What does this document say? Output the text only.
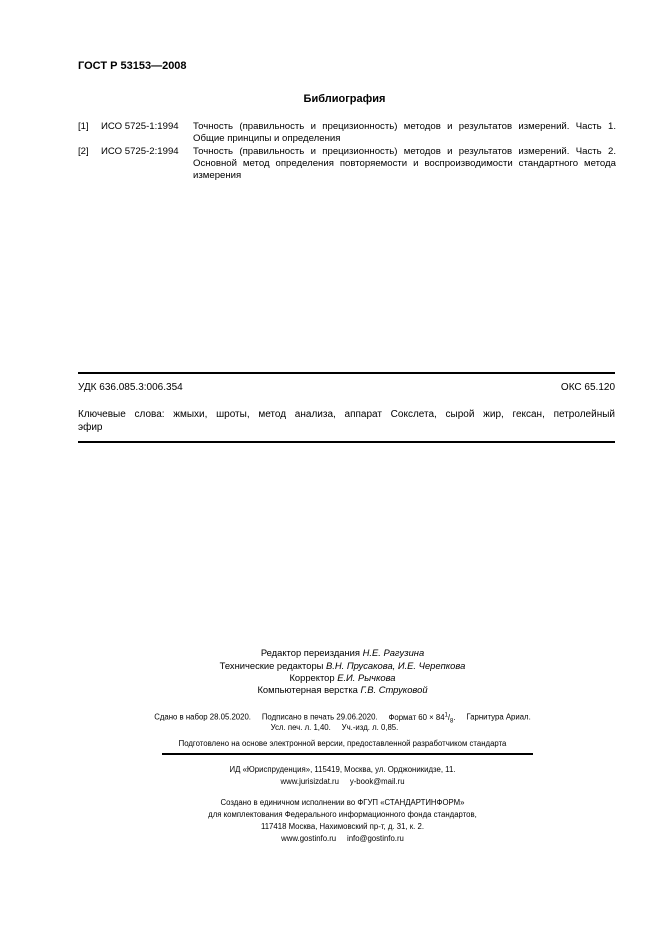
ГОСТ Р 53153—2008
Библиография
[1] ИСО 5725-1:1994 Точность (правильность и прецизионность) методов и результатов измерений. Часть 1.
Общие принципы и определения
[2] ИСО 5725-2:1994 Точность (правильность и прецизионность) методов и результатов измерений. Часть 2.
Основной метод определения повторяемости и воспроизводимости стандартного метода
измерения
УДК 636.085.3:006.354	ОКС 65.120
Ключевые слова: жмыхи, шроты, метод анализа, аппарат Сокслета, сырой жир, гексан, петролейный
эфир
Редактор переиздания Н.Е. Рагузина
Технические редакторы В.Н. Прусакова, И.Е. Черепкова
Корректор Е.И. Рычкова
Компьютерная верстка Г.В. Струковой
Сдано в набор 28.05.2020. Подписано в печать 29.06.2020. Формат $60 \times 84^1/_8$. Гарнитура Ариал.
Усл. печ. л. 1,40. Уч.-изд. л. 0,85.
Подготовлено на основе электронной версии, предоставленной разработчиком стандарта
ИД «Юриспруденция», 115419, Москва, ул. Орджоникидзе, 11.
www.jurisizdat.ru y-book@mail.ru
Создано в единичном исполнении во ФГУП «СТАНДАРТИНФОРМ»
для комплектования Федерального информационного фонда стандартов,
117418 Москва, Нахимовский пр-т, д. 31, к. 2.
www.gostinfo.ru info@gostinfo.ru
